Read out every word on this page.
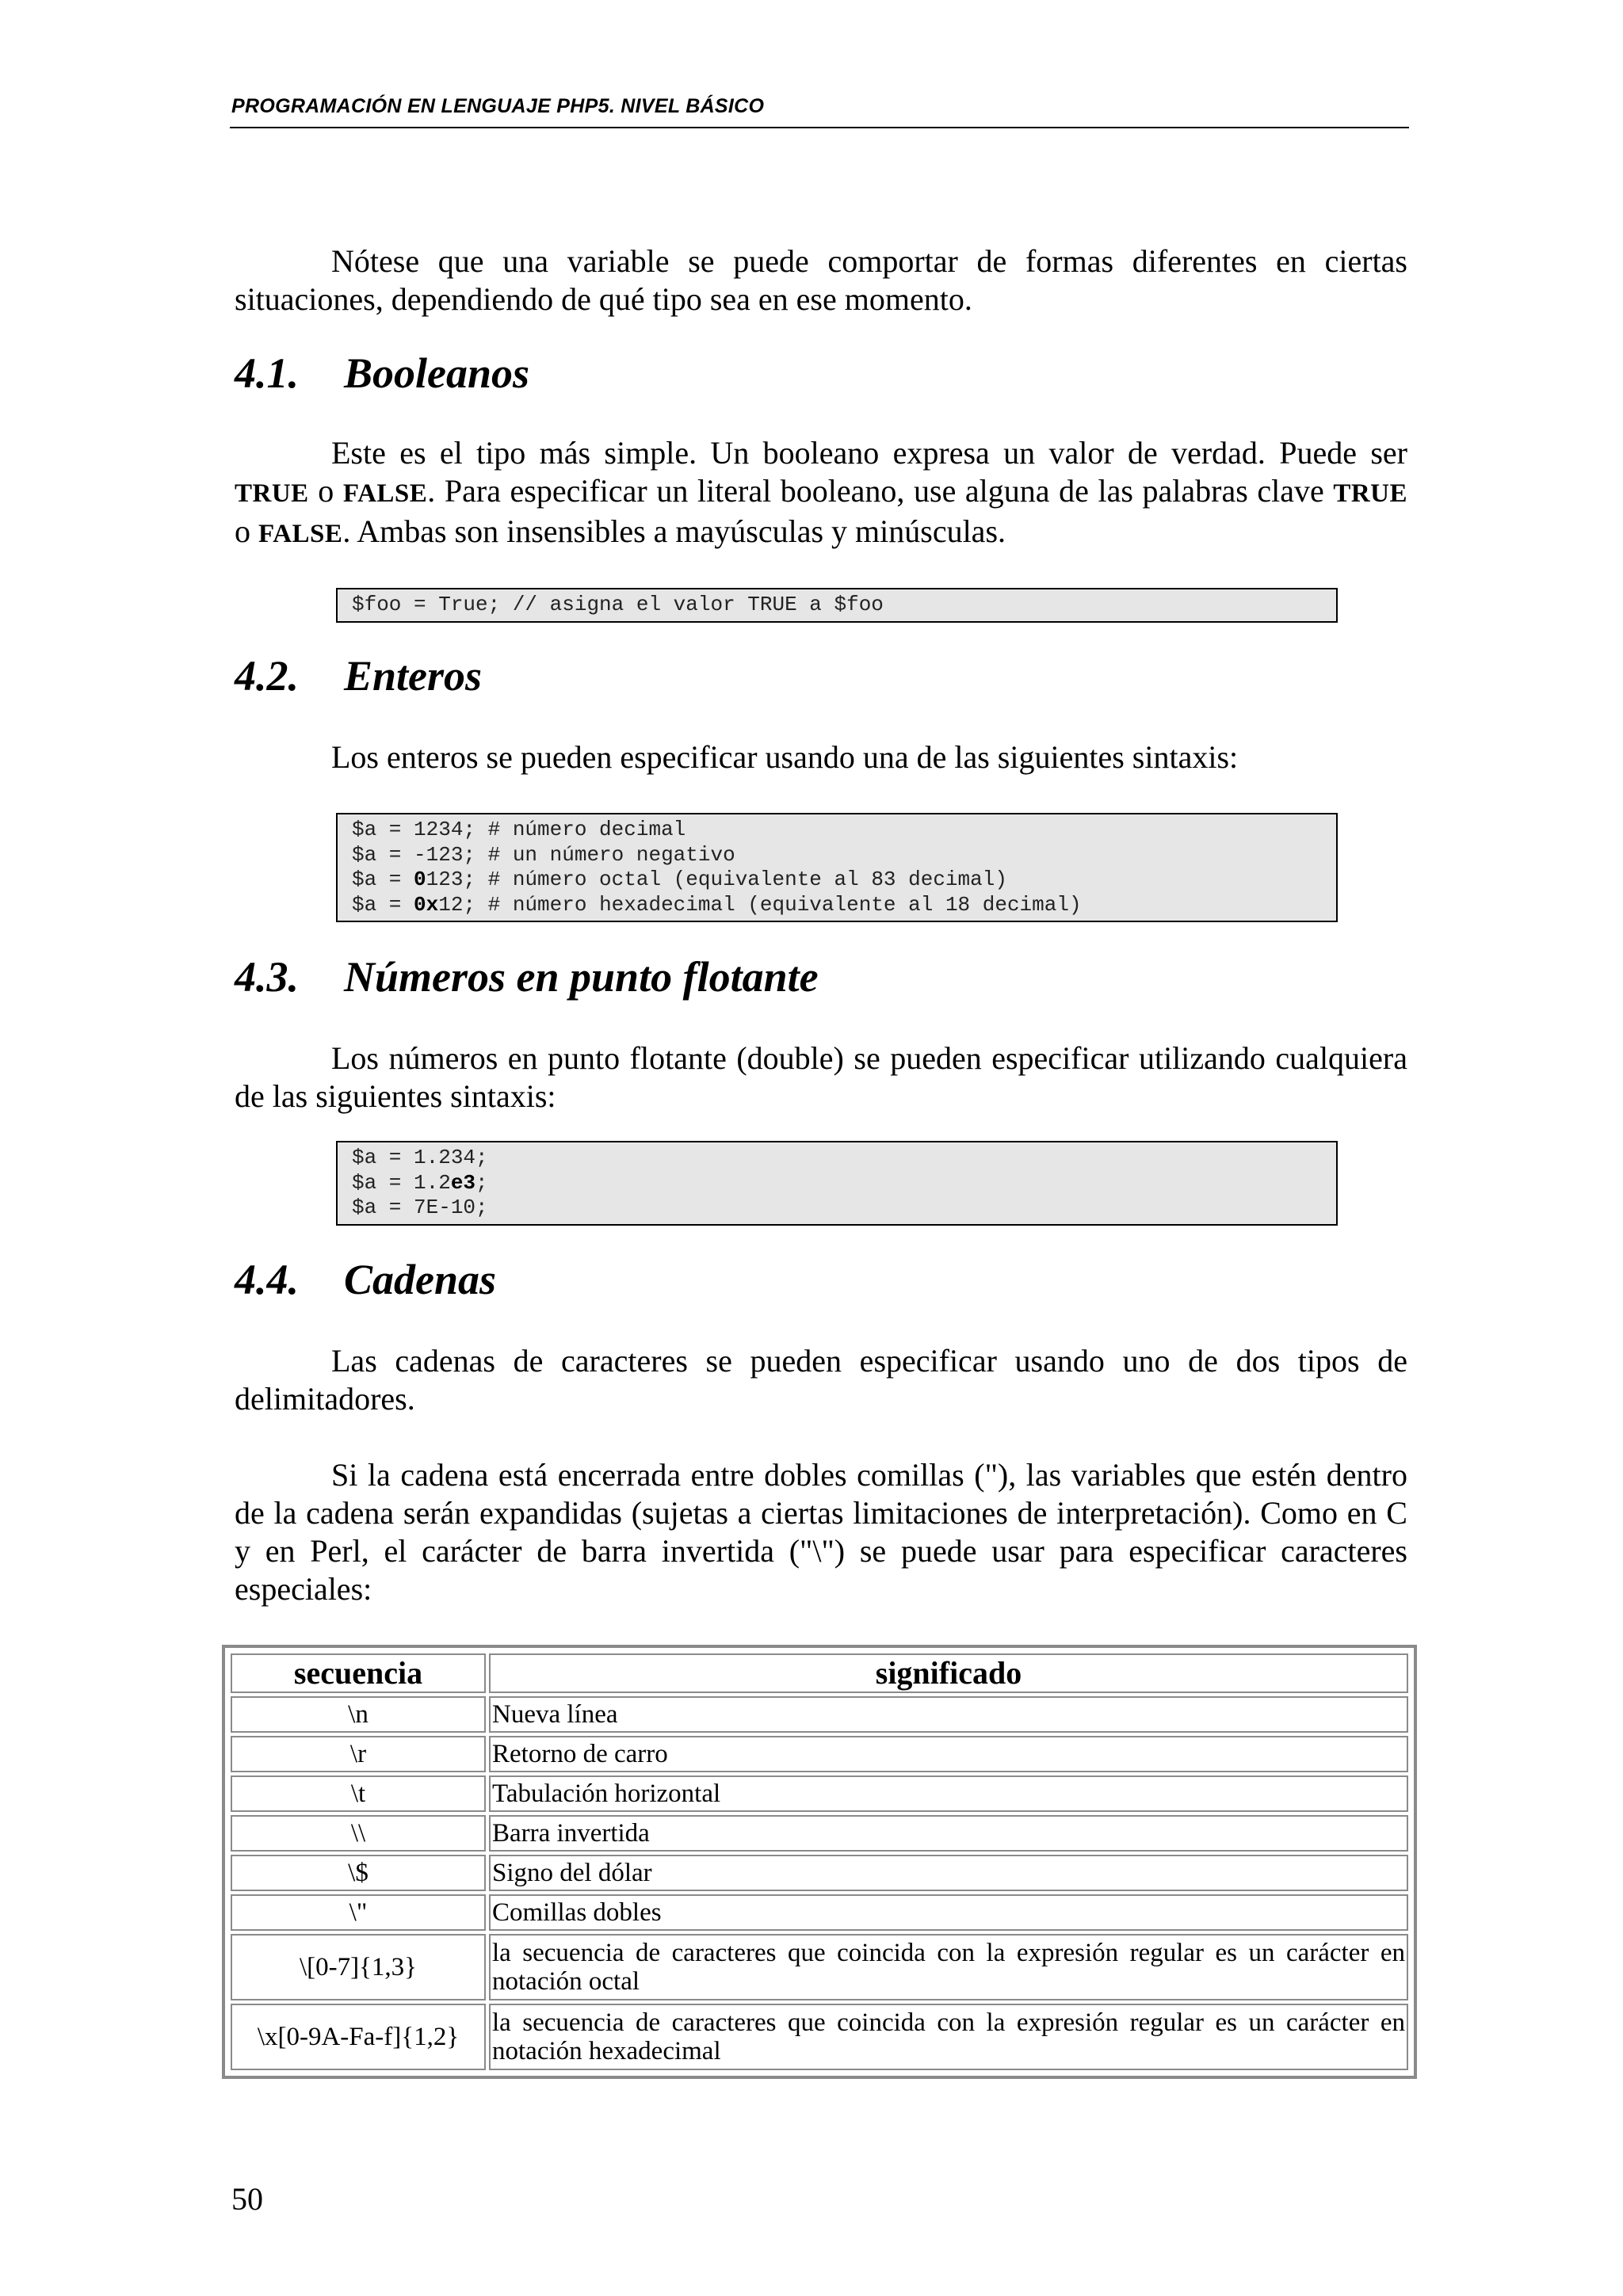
PROGRAMACIÓN EN LENGUAJE PHP5. NIVEL BÁSICO

Nótese que una variable se puede comportar de formas diferentes en ciertas situaciones, dependiendo de qué tipo sea en ese momento.

4.1. Booleanos

Este es el tipo más simple. Un booleano expresa un valor de verdad. Puede ser TRUE o FALSE. Para especificar un literal booleano, use alguna de las palabras clave TRUE o FALSE. Ambas son insensibles a mayúsculas y minúsculas.

$foo = True; // asigna el valor TRUE a $foo
4.2. Enteros

Los enteros se pueden especificar usando una de las siguientes sintaxis:

$a = 1234; # número decimal
$a = -123; # un número negativo
$a = 0123; # número octal (equivalente al 83 decimal)
$a = 0x12; # número hexadecimal (equivalente al 18 decimal)
4.3. Números en punto flotante

Los números en punto flotante (double) se pueden especificar utilizando cualquiera de las siguientes sintaxis:

$a = 1.234;
$a = 1.2e3;
$a = 7E-10;
4.4. Cadenas

Las cadenas de caracteres se pueden especificar usando uno de dos tipos de delimitadores.

Si la cadena está encerrada entre dobles comillas ("), las variables que estén dentro de la cadena serán expandidas (sujetas a ciertas limitaciones de interpretación). Como en C y en Perl, el carácter de barra invertida ("\") se puede usar para especificar caracteres especiales:

secuencia	significado
\n	Nueva línea
\r	Retorno de carro
\t	Tabulación horizontal
\\	Barra invertida
\$	Signo del dólar
\"	Comillas dobles
\[0-7]{1,3}	la secuencia de caracteres que coincida con la expresión regular es un carácter en notación octal
\x[0-9A-Fa-f]{1,2}	la secuencia de caracteres que coincida con la expresión regular es un carácter en notación hexadecimal
50
